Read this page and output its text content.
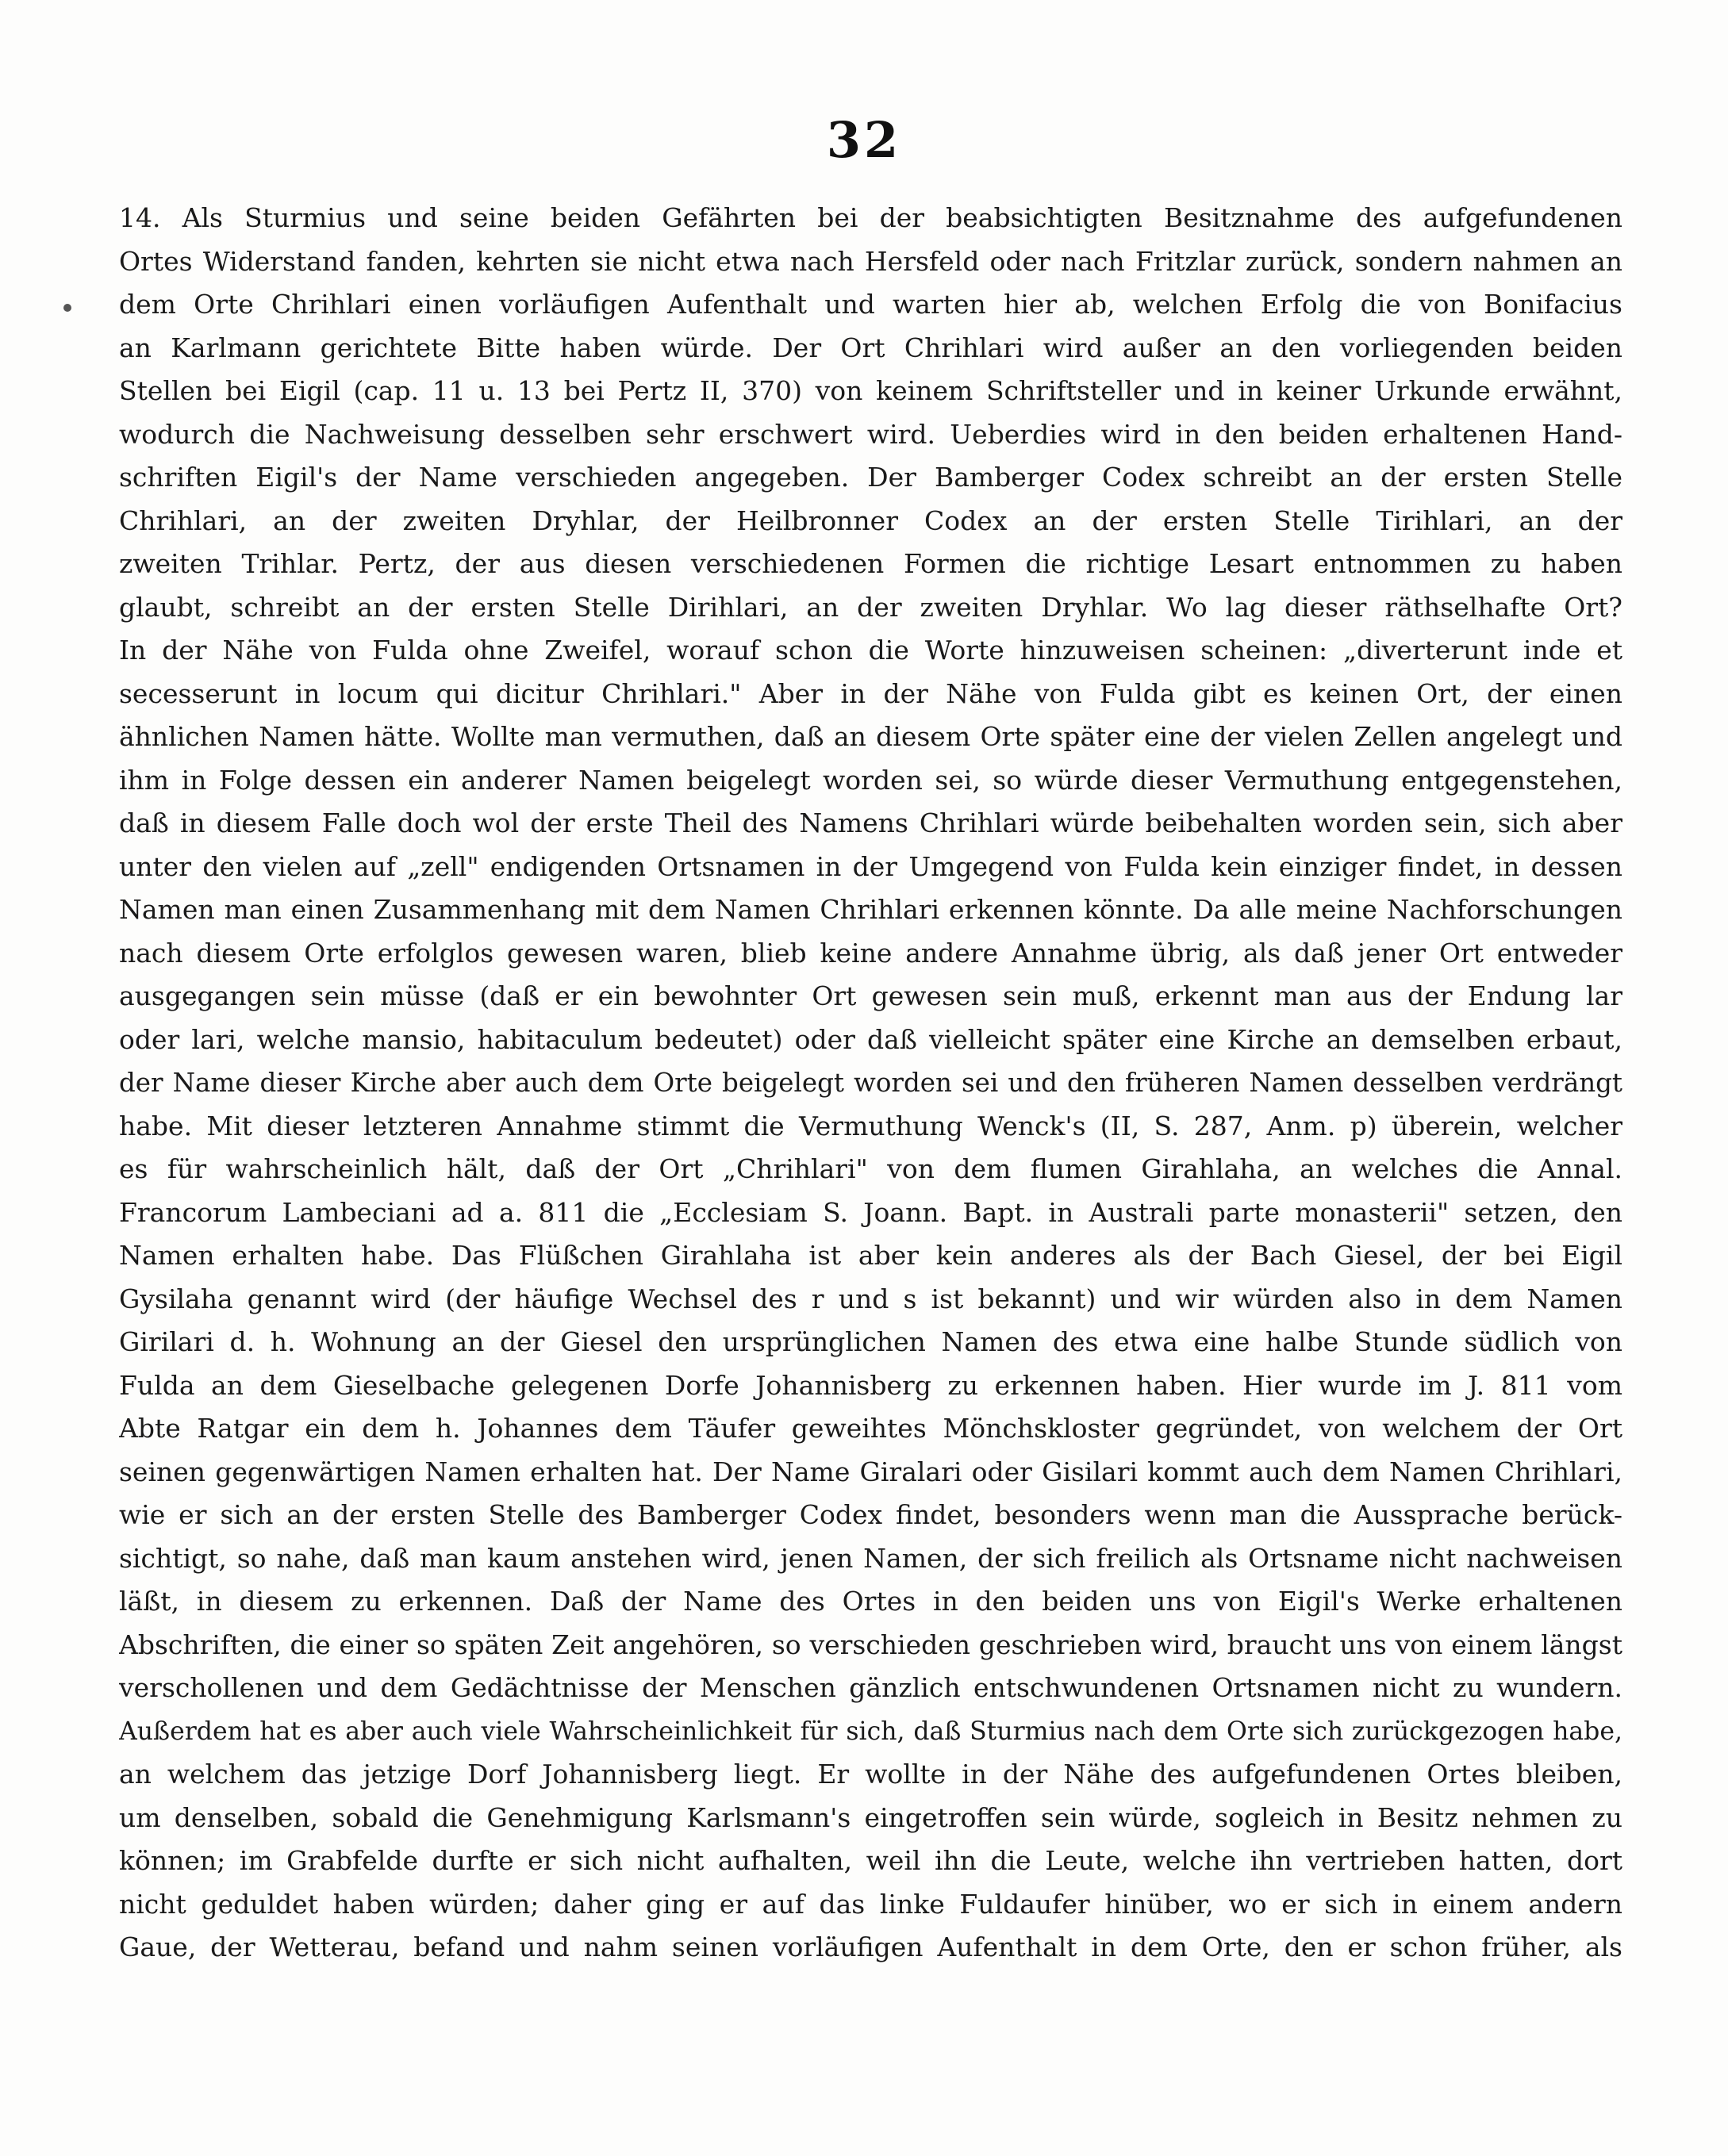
32
14. Als Sturmius und seine beiden Gefährten bei der beabsichtigten Besitznahme des aufgefundenen
Ortes Widerstand fanden, kehrten sie nicht etwa nach Hersfeld oder nach Fritzlar zurück, sondern nahmen an
dem Orte Chrihlari einen vorläufigen Aufenthalt und warten hier ab, welchen Erfolg die von Bonifacius
an Karlmann gerichtete Bitte haben würde. Der Ort Chrihlari wird außer an den vorliegenden beiden
Stellen bei Eigil (cap. 11 u. 13 bei Pertz II, 370) von keinem Schriftsteller und in keiner Urkunde erwähnt,
wodurch die Nachweisung desselben sehr erschwert wird. Ueberdies wird in den beiden erhaltenen Hand-
schriften Eigil's der Name verschieden angegeben. Der Bamberger Codex schreibt an der ersten Stelle
Chrihlari, an der zweiten Dryhlar, der Heilbronner Codex an der ersten Stelle Tirihlari, an der
zweiten Trihlar. Pertz, der aus diesen verschiedenen Formen die richtige Lesart entnommen zu haben
glaubt, schreibt an der ersten Stelle Dirihlari, an der zweiten Dryhlar. Wo lag dieser räthselhafte Ort?
In der Nähe von Fulda ohne Zweifel, worauf schon die Worte hinzuweisen scheinen: „diverterunt inde et
secesserunt in locum qui dicitur Chrihlari." Aber in der Nähe von Fulda gibt es keinen Ort, der einen
ähnlichen Namen hätte. Wollte man vermuthen, daß an diesem Orte später eine der vielen Zellen angelegt und
ihm in Folge dessen ein anderer Namen beigelegt worden sei, so würde dieser Vermuthung entgegenstehen,
daß in diesem Falle doch wol der erste Theil des Namens Chrihlari würde beibehalten worden sein, sich aber
unter den vielen auf „zell" endigenden Ortsnamen in der Umgegend von Fulda kein einziger findet, in dessen
Namen man einen Zusammenhang mit dem Namen Chrihlari erkennen könnte. Da alle meine Nachforschungen
nach diesem Orte erfolglos gewesen waren, blieb keine andere Annahme übrig, als daß jener Ort entweder
ausgegangen sein müsse (daß er ein bewohnter Ort gewesen sein muß, erkennt man aus der Endung lar
oder lari, welche mansio, habitaculum bedeutet) oder daß vielleicht später eine Kirche an demselben erbaut,
der Name dieser Kirche aber auch dem Orte beigelegt worden sei und den früheren Namen desselben verdrängt
habe. Mit dieser letzteren Annahme stimmt die Vermuthung Wenck's (II, S. 287, Anm. p) überein, welcher
es für wahrscheinlich hält, daß der Ort „Chrihlari" von dem flumen Girahlaha, an welches die Annal.
Francorum Lambeciani ad a. 811 die „Ecclesiam S. Joann. Bapt. in Australi parte monasterii" setzen, den
Namen erhalten habe. Das Flüßchen Girahlaha ist aber kein anderes als der Bach Giesel, der bei Eigil
Gysilaha genannt wird (der häufige Wechsel des r und s ist bekannt) und wir würden also in dem Namen
Girilari d. h. Wohnung an der Giesel den ursprünglichen Namen des etwa eine halbe Stunde südlich von
Fulda an dem Gieselbache gelegenen Dorfe Johannisberg zu erkennen haben. Hier wurde im J. 811 vom
Abte Ratgar ein dem h. Johannes dem Täufer geweihtes Mönchskloster gegründet, von welchem der Ort
seinen gegenwärtigen Namen erhalten hat. Der Name Giralari oder Gisilari kommt auch dem Namen Chrihlari,
wie er sich an der ersten Stelle des Bamberger Codex findet, besonders wenn man die Aussprache berück-
sichtigt, so nahe, daß man kaum anstehen wird, jenen Namen, der sich freilich als Ortsname nicht nachweisen
läßt, in diesem zu erkennen. Daß der Name des Ortes in den beiden uns von Eigil's Werke erhaltenen
Abschriften, die einer so späten Zeit angehören, so verschieden geschrieben wird, braucht uns von einem längst
verschollenen und dem Gedächtnisse der Menschen gänzlich entschwundenen Ortsnamen nicht zu wundern.
Außerdem hat es aber auch viele Wahrscheinlichkeit für sich, daß Sturmius nach dem Orte sich zurückgezogen habe,
an welchem das jetzige Dorf Johannisberg liegt. Er wollte in der Nähe des aufgefundenen Ortes bleiben,
um denselben, sobald die Genehmigung Karlsmann's eingetroffen sein würde, sogleich in Besitz nehmen zu
können; im Grabfelde durfte er sich nicht aufhalten, weil ihn die Leute, welche ihn vertrieben hatten, dort
nicht geduldet haben würden; daher ging er auf das linke Fuldaufer hinüber, wo er sich in einem andern
Gaue, der Wetterau, befand und nahm seinen vorläufigen Aufenthalt in dem Orte, den er schon früher, als
